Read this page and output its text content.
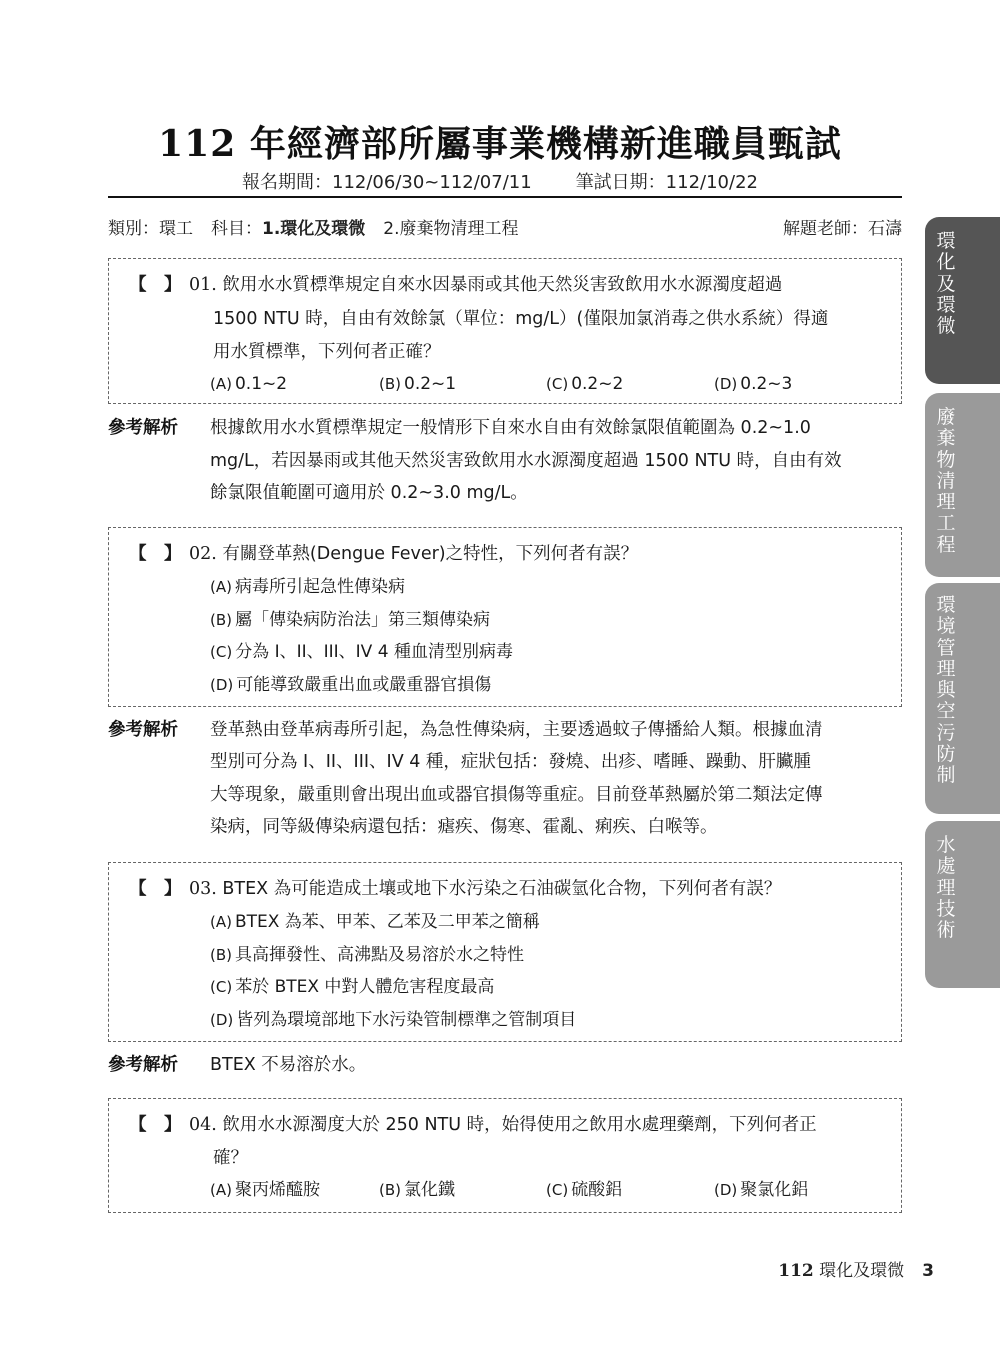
112 年經濟部所屬事業機構新進職員甄試
報名期間：112/06/30~112/07/11 筆試日期：112/10/22
類別：環工 科目：1.環化及環微 2.廢棄物清理工程	解題老師：石濤
【　】 01. 飲用水水質標準規定自來水因暴雨或其他天然災害致飲用水水源濁度超過
1500 NTU 時，自由有效餘氯（單位：mg/L）(僅限加氯消毒之供水系統）得適
用水質標準，下列何者正確？
(A) 0.1~2	(B) 0.2~1	(C) 0.2~2	(D) 0.2~3
參考解析 根據飲用水水質標準規定一般情形下自來水自由有效餘氯限值範圍為 0.2~1.0
mg/L，若因暴雨或其他天然災害致飲用水水源濁度超過 1500 NTU 時，自由有效
餘氯限值範圍可適用於 0.2~3.0 mg/L。
【　】 02. 有關登革熱(Dengue Fever)之特性，下列何者有誤？
(A) 病毒所引起急性傳染病
(B) 屬「傳染病防治法」第三類傳染病
(C) 分為 I、II、III、IV 4 種血清型別病毒
(D) 可能導致嚴重出血或嚴重器官損傷
參考解析 登革熱由登革病毒所引起，為急性傳染病，主要透過蚊子傳播給人類。根據血清
型別可分為 I、II、III、IV 4 種，症狀包括：發燒、出疹、嗜睡、躁動、肝臟腫
大等現象，嚴重則會出現出血或器官損傷等重症。目前登革熱屬於第二類法定傳
染病，同等級傳染病還包括：瘧疾、傷寒、霍亂、痢疾、白喉等。
【　】 03. BTEX 為可能造成土壤或地下水污染之石油碳氫化合物，下列何者有誤？
(A) BTEX 為苯、甲苯、乙苯及二甲苯之簡稱
(B) 具高揮發性、高沸點及易溶於水之特性
(C) 苯於 BTEX 中對人體危害程度最高
(D) 皆列為環境部地下水污染管制標準之管制項目
參考解析 BTEX 不易溶於水。
【　】 04. 飲用水水源濁度大於 250 NTU 時，始得使用之飲用水處理藥劑，下列何者正
確？
(A) 聚丙烯醯胺	(B) 氯化鐵	(C) 硫酸鋁	(D) 聚氯化鋁
環
化
及
環
微
廢
棄
物
清
理
工
程
環
境
管
理
與
空
污
防
制
水
處
理
技
術
112 環化及環微 3
